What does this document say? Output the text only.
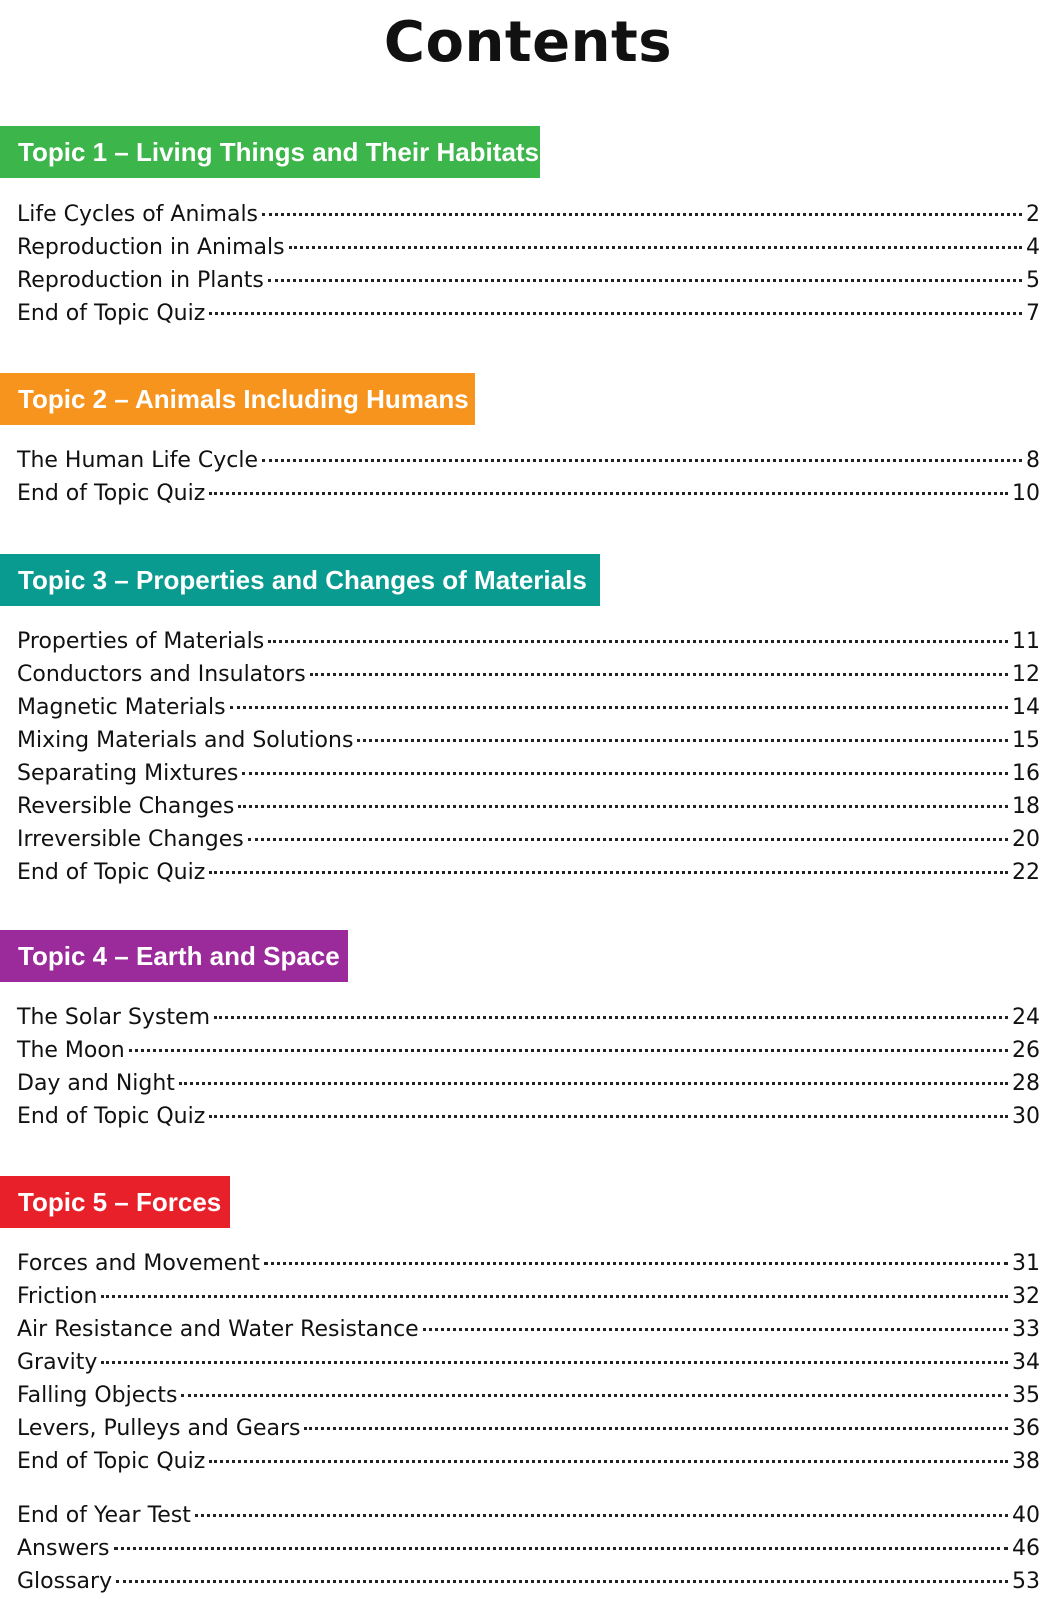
Contents
Topic 1 – Living Things and Their Habitats
Life Cycles of Animals	2
Reproduction in Animals	4
Reproduction in Plants	5
End of Topic Quiz	7
Topic 2 – Animals Including Humans
The Human Life Cycle	8
End of Topic Quiz	10
Topic 3 – Properties and Changes of Materials
Properties of Materials	11
Conductors and Insulators	12
Magnetic Materials	14
Mixing Materials and Solutions	15
Separating Mixtures	16
Reversible Changes	18
Irreversible Changes	20
End of Topic Quiz	22
Topic 4 – Earth and Space
The Solar System	24
The Moon	26
Day and Night	28
End of Topic Quiz	30
Topic 5 – Forces
Forces and Movement	31
Friction	32
Air Resistance and Water Resistance	33
Gravity	34
Falling Objects	35
Levers, Pulleys and Gears	36
End of Topic Quiz	38
End of Year Test	40
Answers	46
Glossary	53
